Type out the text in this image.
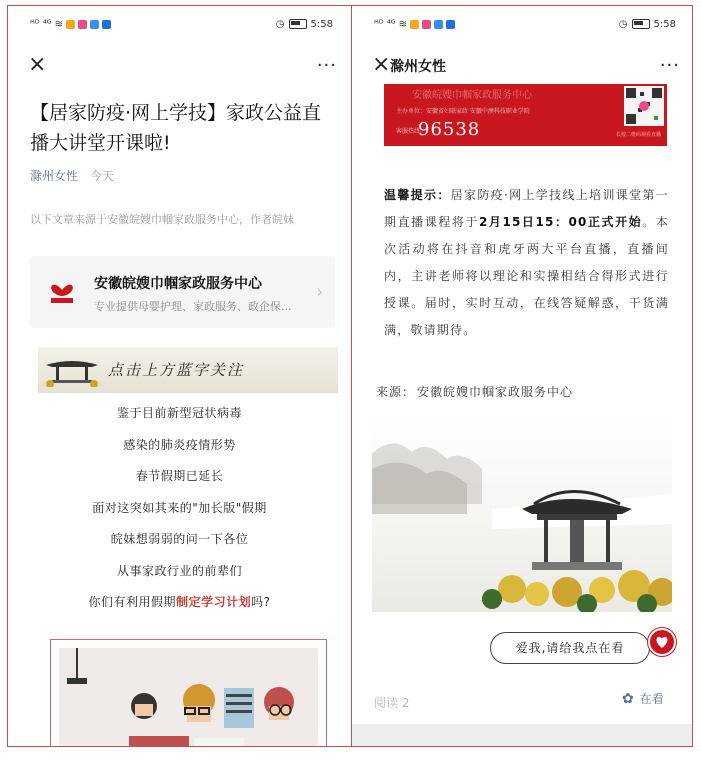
ᴴᴰ ⁴ᴳ ≋	◷	5:58
×	···
【居家防疫·网上学技】家政公益直播大讲堂开课啦!
滁州女性 今天
以下文章来源于安徽皖嫂巾帼家政服务中心，作者皖妹
安徽皖嫂巾帼家政服务中心
专业提供母婴护理、家政服务、政企保...
›
点击上方蓝字关注
鉴于目前新型冠状病毒
感染的肺炎疫情形势
春节假期已延长
面对这突如其来的"加长版"假期
皖妹想弱弱的问一下各位
从事家政行业的前辈们
你们有利用假期制定学习计划吗?
ᴴᴰ ⁴ᴳ ≋	◷	5:58
× 滁州女性	···
安徽皖嫂巾帼家政服务中心
主办单位：安徽省妇联家政 安徽中澳科技职业学院
客服热线
96538	长按二维码观看直播
温馨提示：居家防疫·网上学技线上培训课堂第一期直播课程将于2月15日15：00正式开始。本次活动将在抖音和虎牙两大平台直播，直播间内，主讲老师将以理论和实操相结合得形式进行授课。届时，实时互动，在线答疑解惑，干货满满，敬请期待。
来源： 安徽皖嫂巾帼家政服务中心
爱我,请给我点在看
阅读 2	✿ 在看
